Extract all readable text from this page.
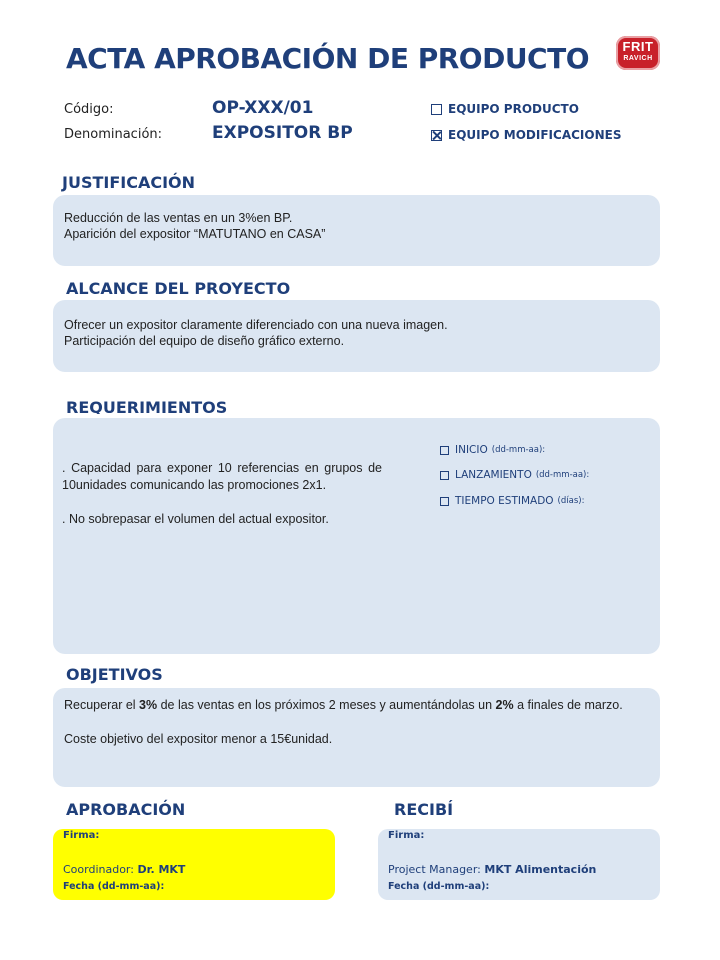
ACTA APROBACIÓN DE PRODUCTO	FRIT
RAVICH
Código:	OP-XXX/01
Denominación:	EXPOSITOR BP
EQUIPO PRODUCTO
EQUIPO MODIFICACIONES
JUSTIFICACIÓN
Reducción de las ventas en un 3%en BP.
Aparición del expositor “MATUTANO en CASA”
ALCANCE DEL PROYECTO
Ofrecer un expositor claramente diferenciado con una nueva imagen.
Participación del equipo de diseño gráfico externo.
REQUERIMIENTOS
. Capacidad para exponer 10 referencias en grupos de 10unidades comunicando las promociones 2x1.
. No sobrepasar el volumen del actual expositor.
INICIO (dd-mm-aa):
LANZAMIENTO (dd-mm-aa):
TIEMPO ESTIMADO (días):
OBJETIVOS
Recuperar el 3% de las ventas en los próximos 2 meses y aumentándolas un 2% a finales de marzo.
Coste objetivo del expositor menor a 15€unidad.
APROBACIÓN	RECIBÍ
Firma:
Coordinador: Dr. MKT
Fecha (dd-mm-aa):
Firma:
Project Manager: MKT Alimentación
Fecha (dd-mm-aa):
